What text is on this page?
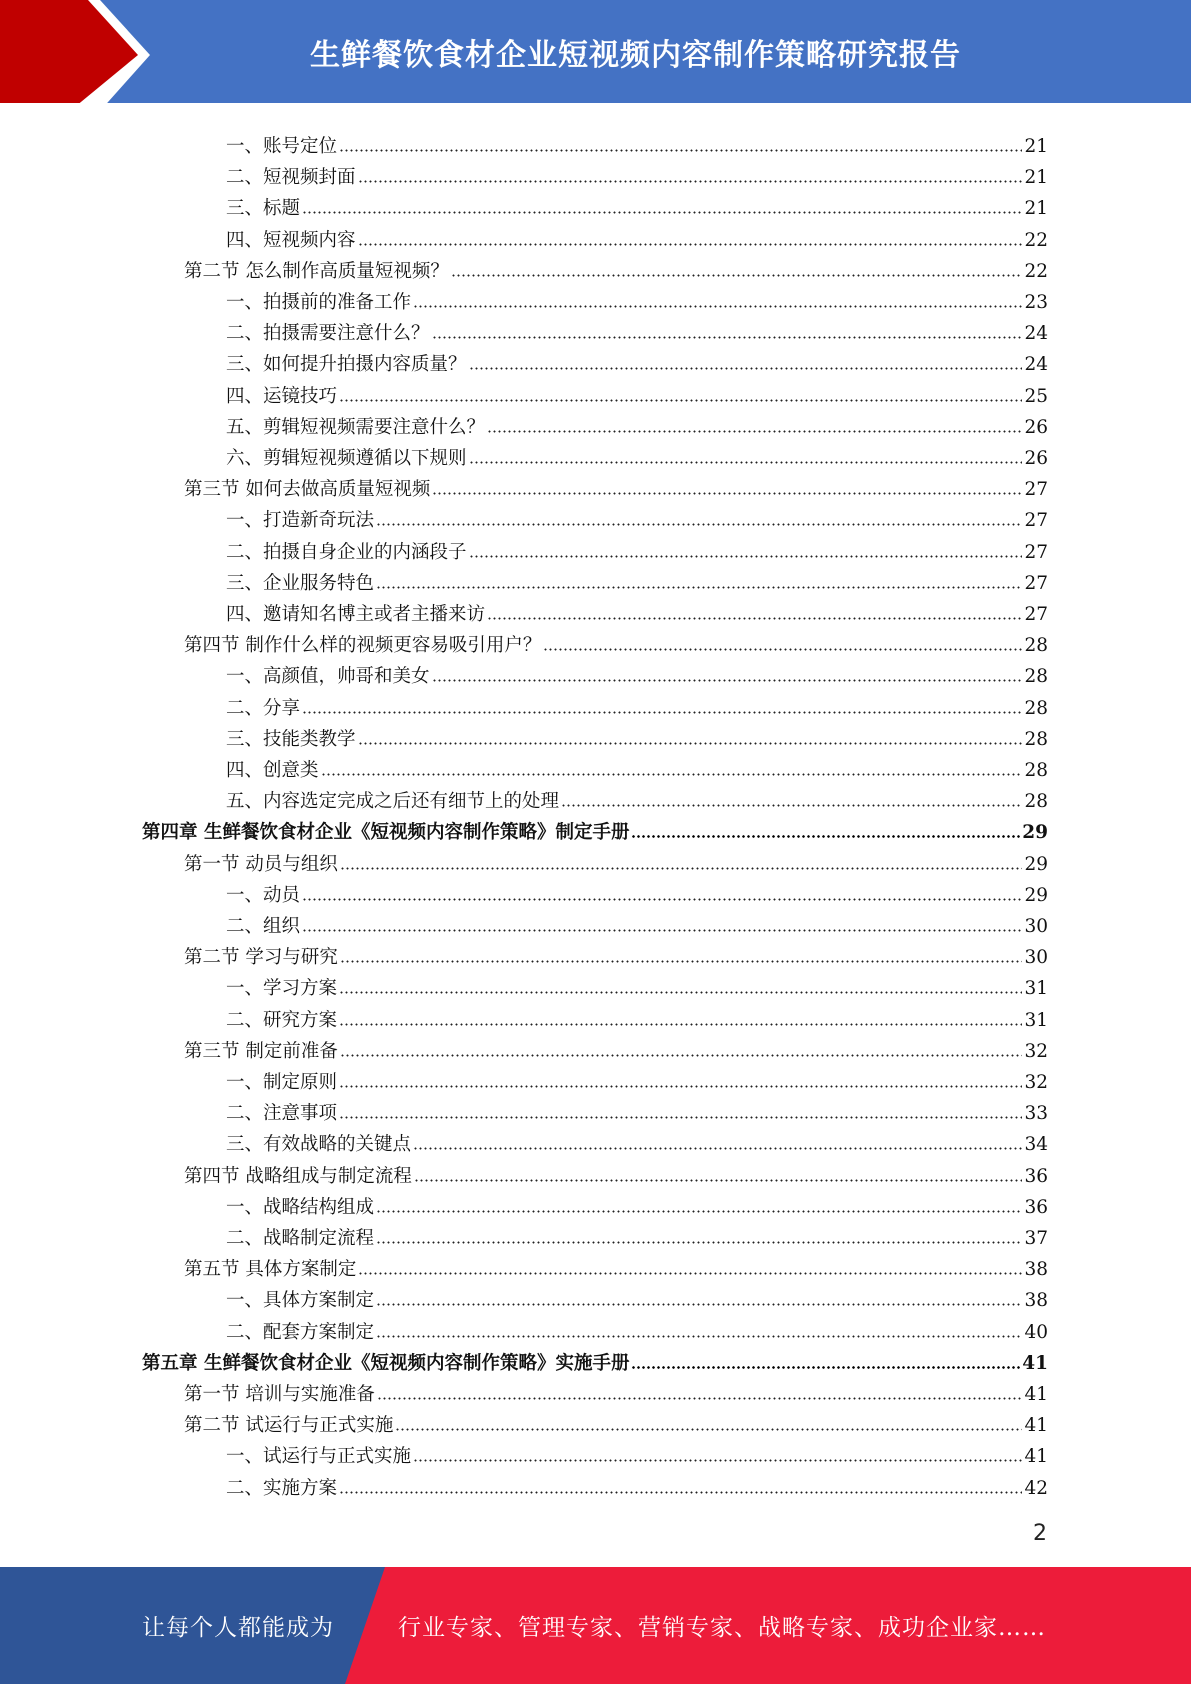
生鲜餐饮食材企业短视频内容制作策略研究报告
一、账号定位	21
二、短视频封面	21
三、标题	21
四、短视频内容	22
第二节 怎么制作高质量短视频？	22
一、拍摄前的准备工作	23
二、拍摄需要注意什么？	24
三、如何提升拍摄内容质量？	24
四、运镜技巧	25
五、剪辑短视频需要注意什么？	26
六、剪辑短视频遵循以下规则	26
第三节 如何去做高质量短视频	27
一、打造新奇玩法	27
二、拍摄自身企业的内涵段子	27
三、企业服务特色	27
四、邀请知名博主或者主播来访	27
第四节 制作什么样的视频更容易吸引用户？	28
一、高颜值，帅哥和美女	28
二、分享	28
三、技能类教学	28
四、创意类	28
五、内容选定完成之后还有细节上的处理	28
第四章 生鲜餐饮食材企业《短视频内容制作策略》制定手册	29
第一节 动员与组织	29
一、动员	29
二、组织	30
第二节 学习与研究	30
一、学习方案	31
二、研究方案	31
第三节 制定前准备	32
一、制定原则	32
二、注意事项	33
三、有效战略的关键点	34
第四节 战略组成与制定流程	36
一、战略结构组成	36
二、战略制定流程	37
第五节 具体方案制定	38
一、具体方案制定	38
二、配套方案制定	40
第五章 生鲜餐饮食材企业《短视频内容制作策略》实施手册	41
第一节 培训与实施准备	41
第二节 试运行与正式实施	41
一、试运行与正式实施	41
二、实施方案	42
2
让每个人都能成为	行业专家、管理专家、营销专家、战略专家、成功企业家……
